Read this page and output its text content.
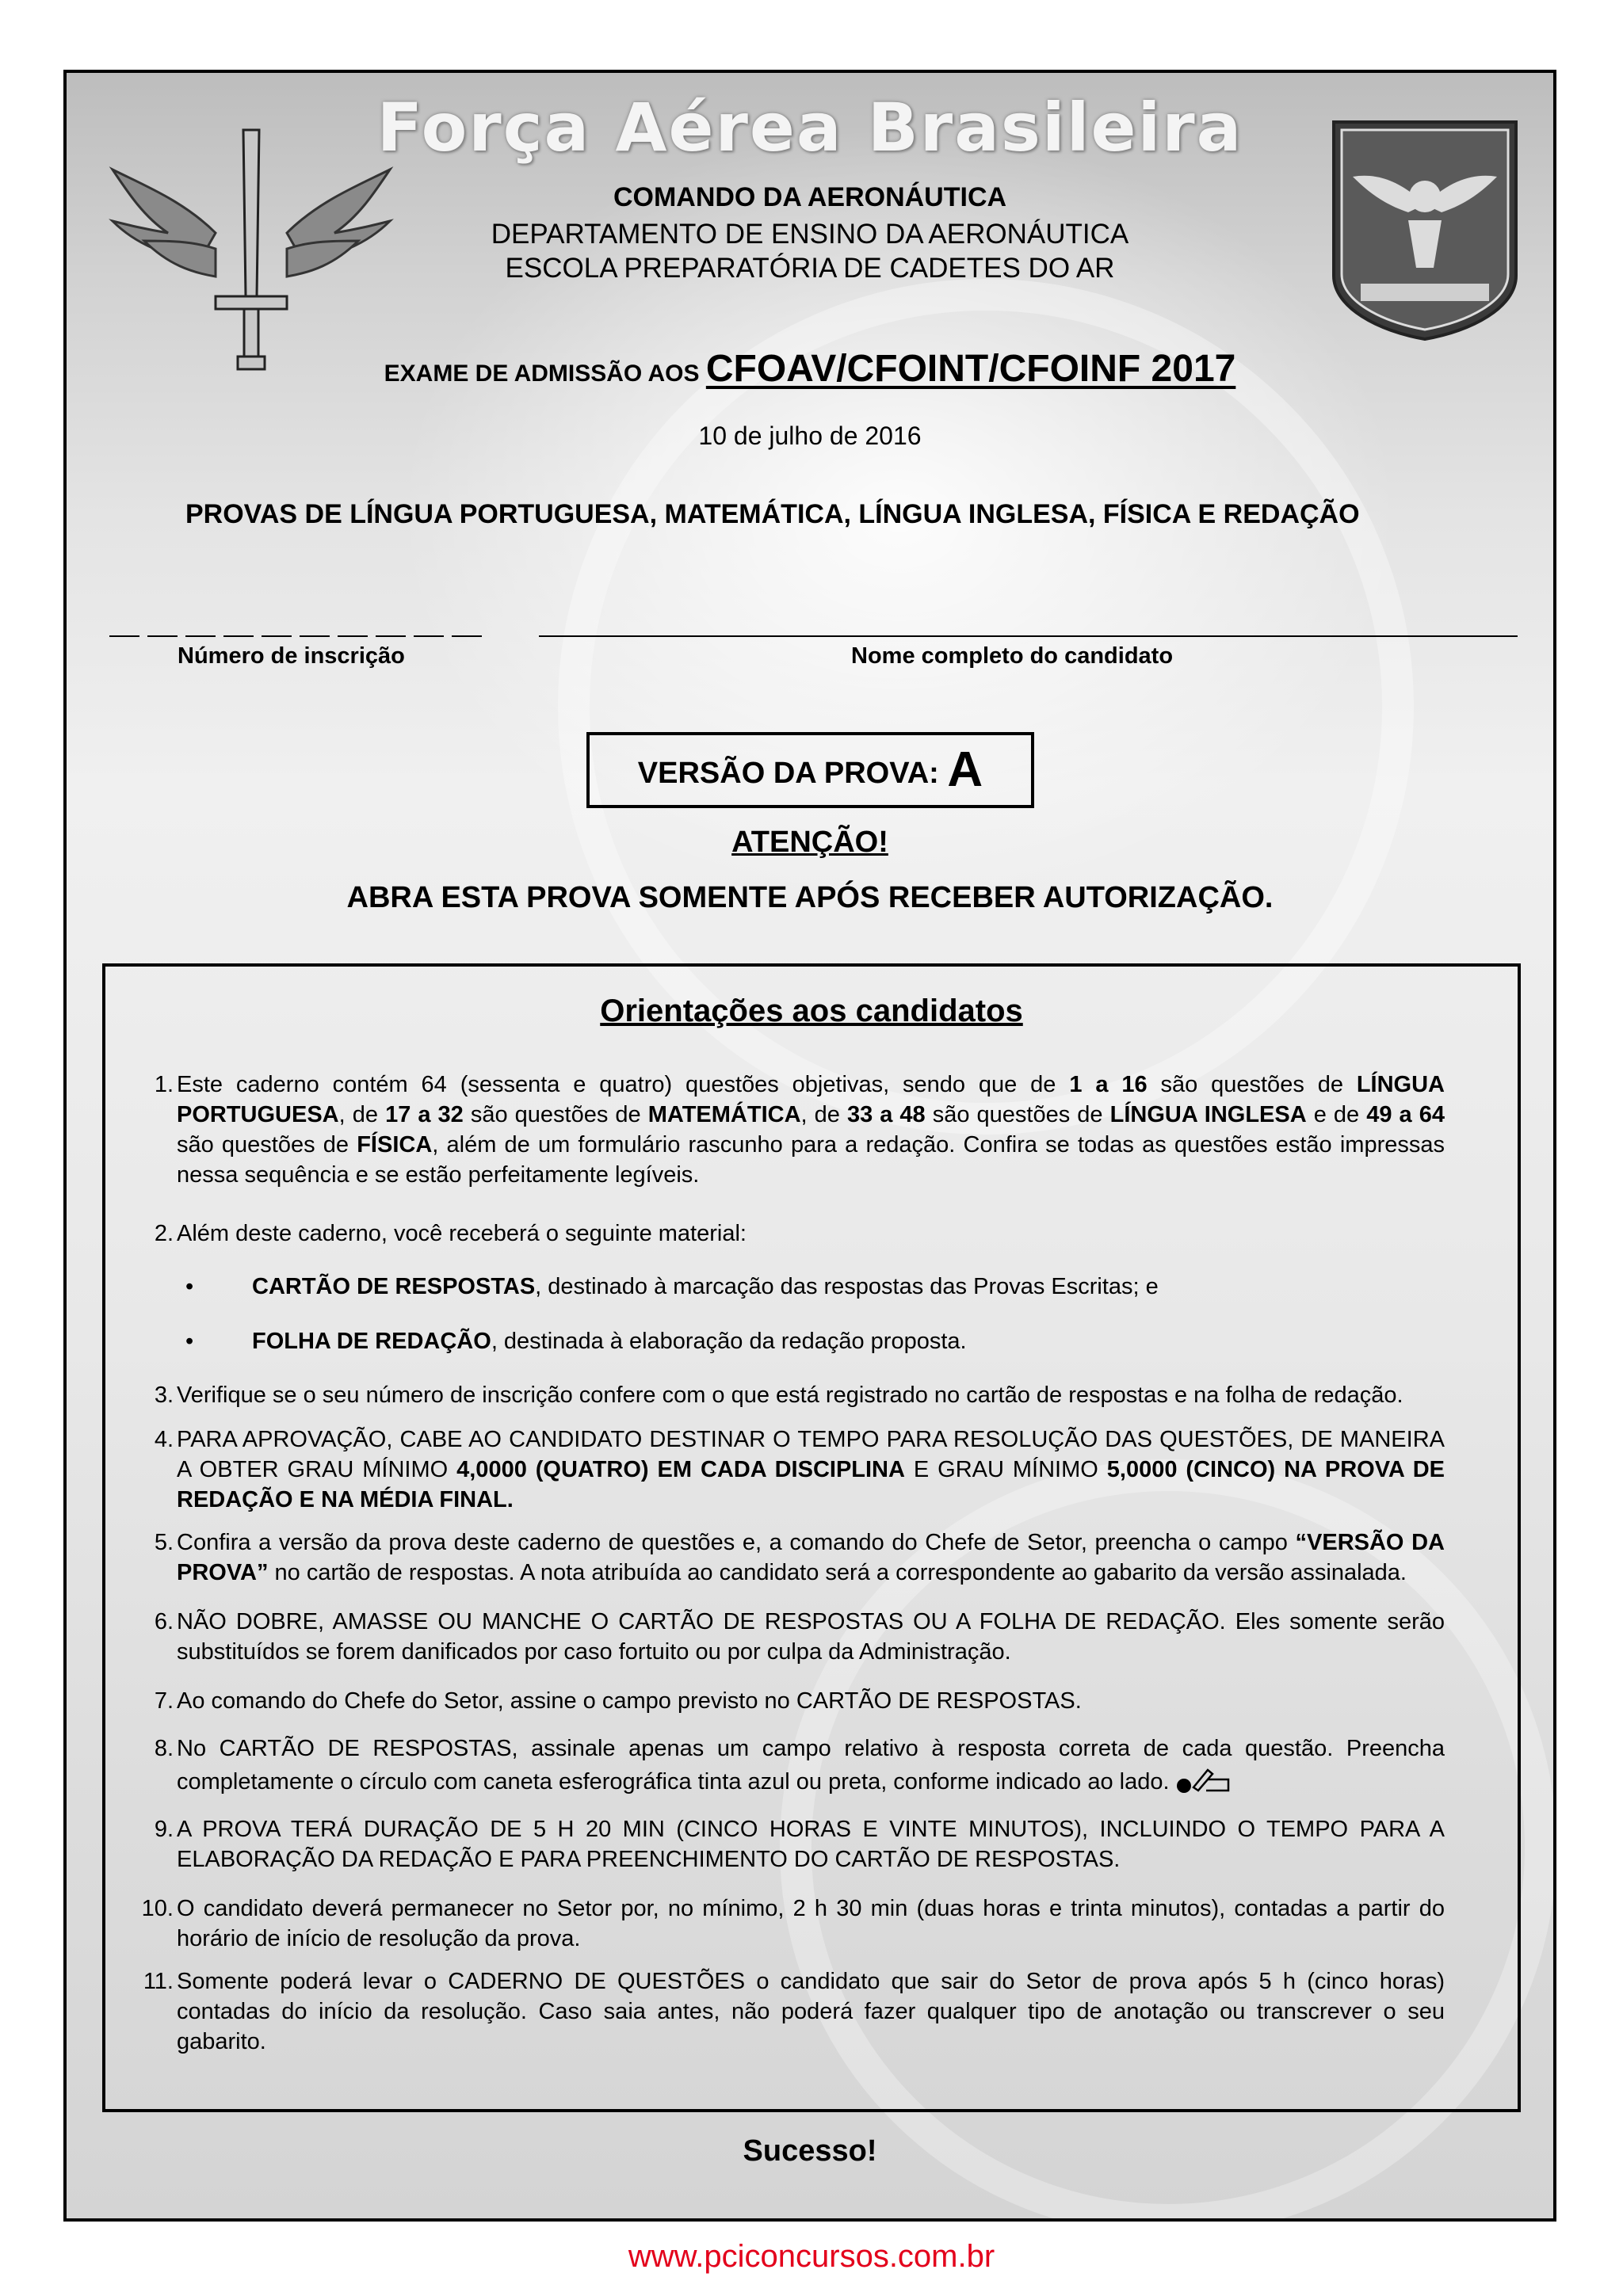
Força Aérea Brasileira
COMANDO DA AERONÁUTICA
DEPARTAMENTO DE ENSINO DA AERONÁUTICA
ESCOLA PREPARATÓRIA DE CADETES DO AR
EXAME DE ADMISSÃO AOS CFOAV/CFOINT/CFOINF 2017
10 de julho de 2016
PROVAS DE LÍNGUA PORTUGUESA, MATEMÁTICA, LÍNGUA INGLESA, FÍSICA E REDAÇÃO
Número de inscrição	Nome completo do candidato
VERSÃO DA PROVA: A
ATENÇÃO!
ABRA ESTA PROVA SOMENTE APÓS RECEBER AUTORIZAÇÃO.
Orientações aos candidatos
1. Este caderno contém 64 (sessenta e quatro) questões objetivas, sendo que de 1 a 16 são questões de LÍNGUA PORTUGUESA, de 17 a 32 são questões de MATEMÁTICA, de 33 a 48 são questões de LÍNGUA INGLESA e de 49 a 64 são questões de FÍSICA, além de um formulário rascunho para a redação. Confira se todas as questões estão impressas nessa sequência e se estão perfeitamente legíveis.
2. Além deste caderno, você receberá o seguinte material:
•	CARTÃO DE RESPOSTAS, destinado à marcação das respostas das Provas Escritas; e
•	FOLHA DE REDAÇÃO, destinada à elaboração da redação proposta.
3. Verifique se o seu número de inscrição confere com o que está registrado no cartão de respostas e na folha de redação.
4. PARA APROVAÇÃO, CABE AO CANDIDATO DESTINAR O TEMPO PARA RESOLUÇÃO DAS QUESTÕES, DE MANEIRA A OBTER GRAU MÍNIMO 4,0000 (QUATRO) EM CADA DISCIPLINA E GRAU MÍNIMO 5,0000 (CINCO) NA PROVA DE REDAÇÃO E NA MÉDIA FINAL.
5. Confira a versão da prova deste caderno de questões e, a comando do Chefe de Setor, preencha o campo “VERSÃO DA PROVA” no cartão de respostas. A nota atribuída ao candidato será a correspondente ao gabarito da versão assinalada.
6. NÃO DOBRE, AMASSE OU MANCHE O CARTÃO DE RESPOSTAS OU A FOLHA DE REDAÇÃO. Eles somente serão substituídos se forem danificados por caso fortuito ou por culpa da Administração.
7. Ao comando do Chefe do Setor, assine o campo previsto no CARTÃO DE RESPOSTAS.
8. No CARTÃO DE RESPOSTAS, assinale apenas um campo relativo à resposta correta de cada questão. Preencha completamente o círculo com caneta esferográfica tinta azul ou preta, conforme indicado ao lado.
9. A PROVA TERÁ DURAÇÃO DE 5 H 20 MIN (CINCO HORAS E VINTE MINUTOS), INCLUINDO O TEMPO PARA A ELABORAÇÃO DA REDAÇÃO E PARA PREENCHIMENTO DO CARTÃO DE RESPOSTAS.
10. O candidato deverá permanecer no Setor por, no mínimo, 2 h 30 min (duas horas e trinta minutos), contadas a partir do horário de início de resolução da prova.
11. Somente poderá levar o CADERNO DE QUESTÕES o candidato que sair do Setor de prova após 5 h (cinco horas) contadas do início da resolução. Caso saia antes, não poderá fazer qualquer tipo de anotação ou transcrever o seu gabarito.
Sucesso!
www.pciconcursos.com.br
